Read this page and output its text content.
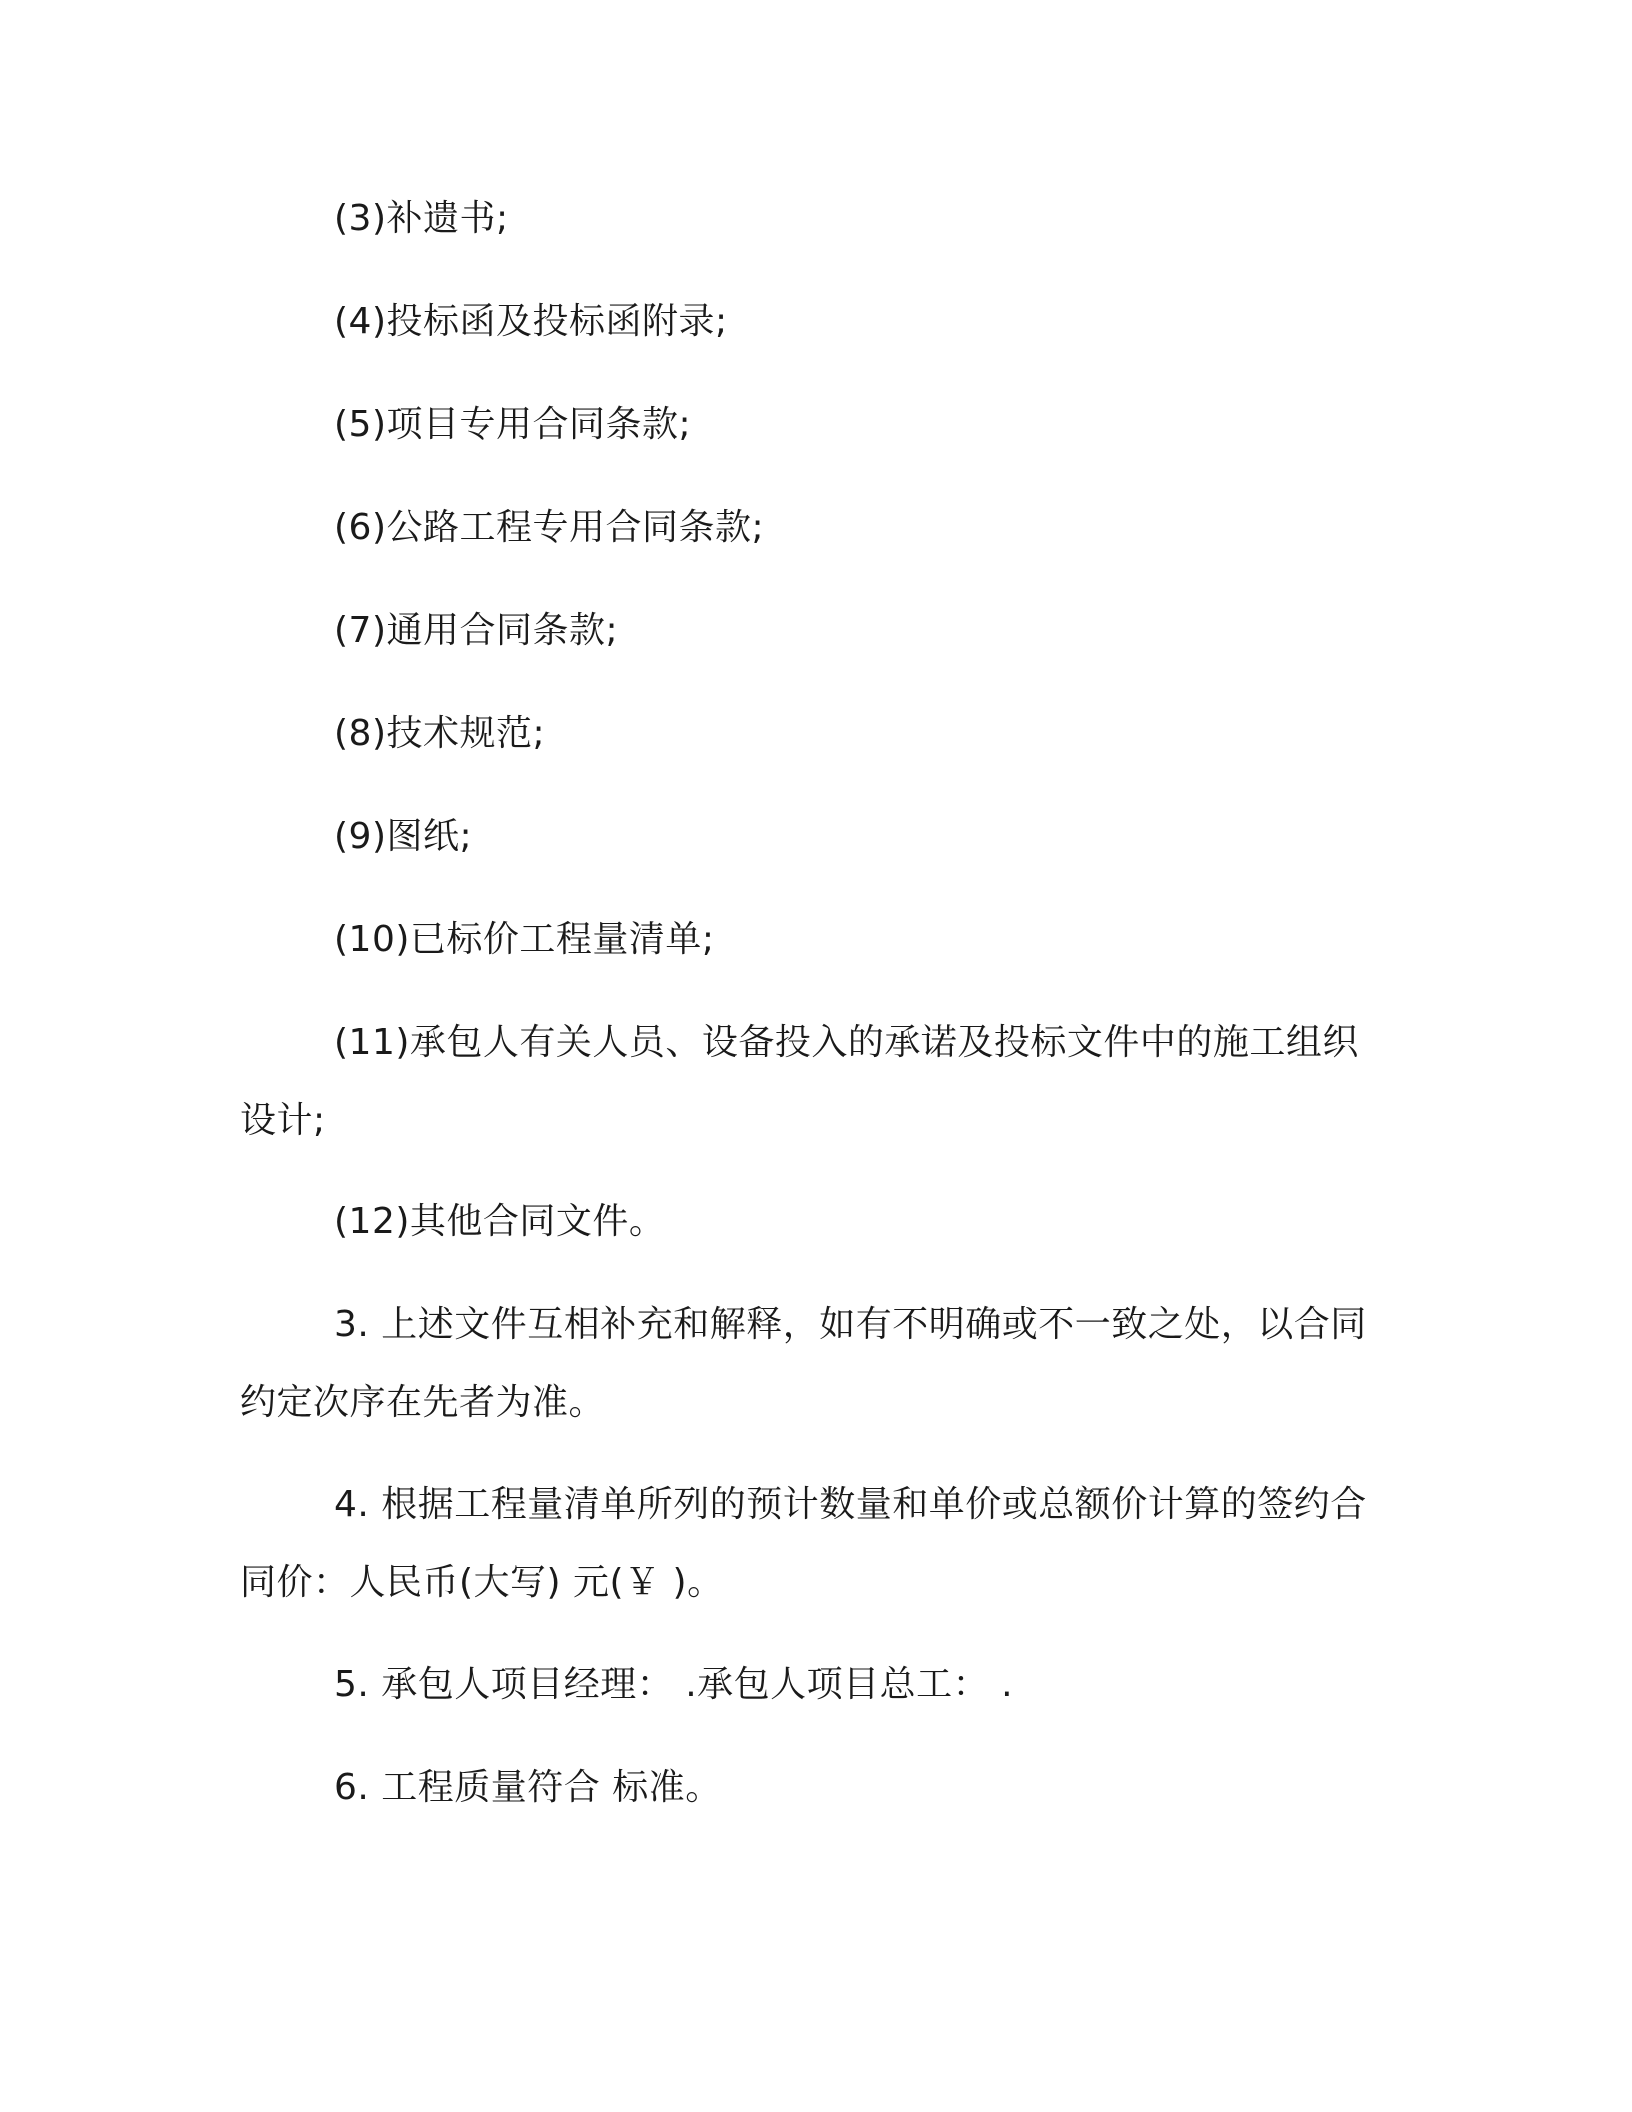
(3)补遗书;

(4)投标函及投标函附录;

(5)项目专用合同条款;

(6)公路工程专用合同条款;

(7)通用合同条款;

(8)技术规范;

(9)图纸;

(10)已标价工程量清单;

(11)承包人有关人员、设备投入的承诺及投标文件中的施工组织设计;

(12)其他合同文件。

3. 上述文件互相补充和解释，如有不明确或不一致之处，以合同约定次序在先者为准。

4. 根据工程量清单所列的预计数量和单价或总额价计算的签约合同价：人民币(大写) 元(￥ )。

5. 承包人项目经理： .承包人项目总工： .

6. 工程质量符合 标准。
